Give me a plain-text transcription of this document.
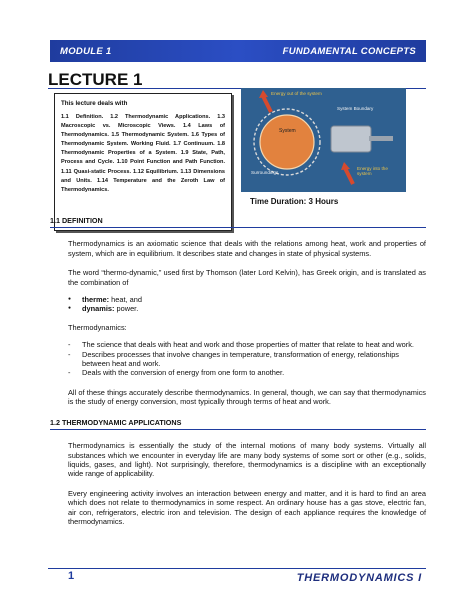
MODULE 1	FUNDAMENTAL CONCEPTS
LECTURE 1
This lecture deals with

1.1 Definition. 1.2 Thermodynamic Applications. 1.3 Macroscopic vs. Microscopic Views. 1.4 Laws of Thermodynamics. 1.5 Thermodynamic System. 1.6 Types of Thermodynamic System. Working Fluid. 1.7 Continuum. 1.8 Thermodynamic Properties of a System. 1.9 State, Path, Process and Cycle. 1.10 Point Function and Path Function. 1.11 Quasi-static Process. 1.12 Equilibrium. 1.13 Dimensions and Units. 1.14 Temperature and the Zeroth Law of Thermodynamics.

Energy out of the system
System Boundary
System
Surroundings
Energy into the system
Time Duration: 3 Hours
1.1 DEFINITION

Thermodynamics is an axiomatic science that deals with the relations among heat, work and properties of system, which are in equilibrium. It describes state and changes in state of physical systems.

The word “thermo-dynamic,” used first by Thomson (later Lord Kelvin), has Greek origin, and is translated as the combination of

● therme: heat, and
● dynamis: power.

Thermodynamics:

- The science that deals with heat and work and those properties of matter that relate to heat and work.
- Describes processes that involve changes in temperature, transformation of energy, relationships between heat and work.
- Deals with the conversion of energy from one form to another.

All of these things accurately describe thermodynamics. In general, though, we can say that thermodynamics is the study of energy conversion, most typically through terms of heat and work.

1.2 THERMODYNAMIC APPLICATIONS

Thermodynamics is essentially the study of the internal motions of many body systems. Virtually all substances which we encounter in everyday life are many body systems of some sort or other (e.g., solids, liquids, gases, and light). Not surprisingly, therefore, thermodynamics is a discipline with an exceptionally wide range of applicability.

Every engineering activity involves an interaction between energy and matter, and it is hard to find an area which does not relate to thermodynamics in some respect. An ordinary house has a gas stove, electric fan, air con, refrigerators, electric iron and television. The design of each appliance requires the knowledge of thermodynamics.

1	THERMODYNAMICS I
